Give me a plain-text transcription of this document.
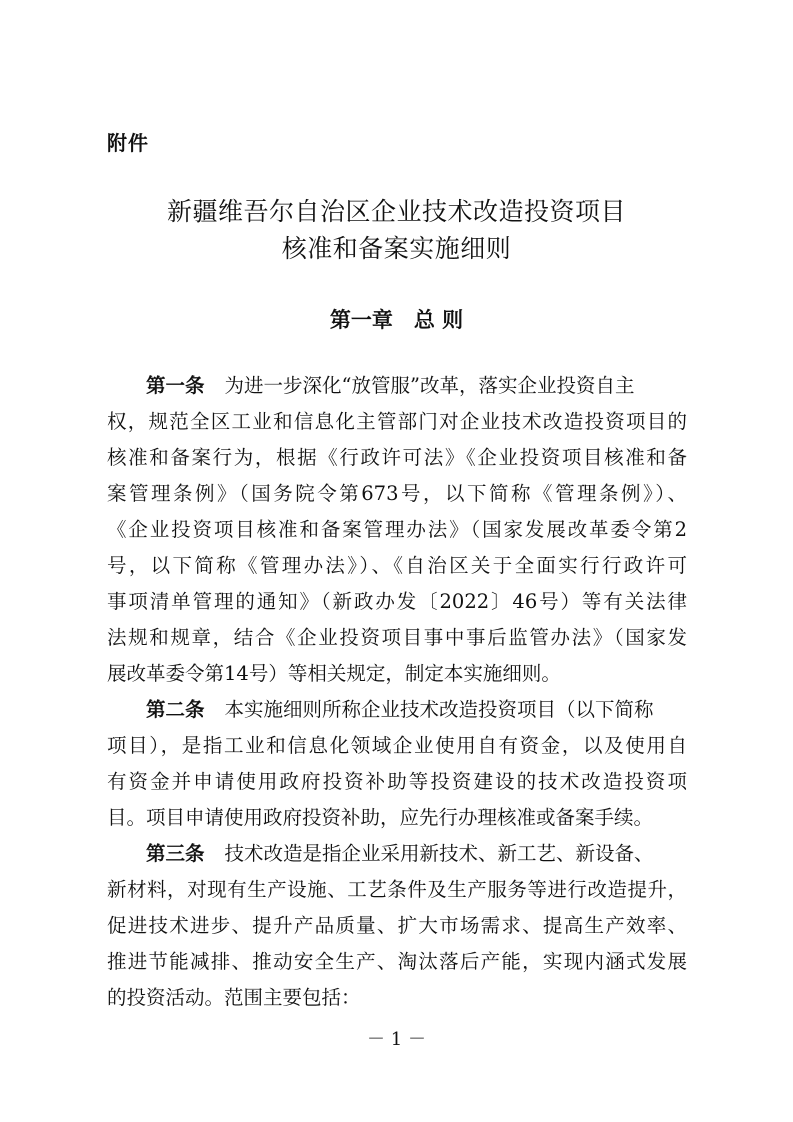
附件
新疆维吾尔自治区企业技术改造投资项目
核准和备案实施细则
第一章　总 则
第一条 为进一步深化“放管服”改革，落实企业投资自主
权，规范全区工业和信息化主管部门对企业技术改造投资项目的
核准和备案行为，根据《行政许可法》《企业投资项目核准和备
案管理条例》（国务院令第673号，以下简称《管理条例》）、
《企业投资项目核准和备案管理办法》（国家发展改革委令第2
号，以下简称《管理办法》）、《自治区关于全面实行行政许可
事项清单管理的通知》（新政办发〔2022〕46号）等有关法律
法规和规章，结合《企业投资项目事中事后监管办法》（国家发
展改革委令第14号）等相关规定，制定本实施细则。
第二条 本实施细则所称企业技术改造投资项目（以下简称
项目），是指工业和信息化领域企业使用自有资金，以及使用自
有资金并申请使用政府投资补助等投资建设的技术改造投资项
目。项目申请使用政府投资补助，应先行办理核准或备案手续。
第三条 技术改造是指企业采用新技术、新工艺、新设备、
新材料，对现有生产设施、工艺条件及生产服务等进行改造提升，
促进技术进步、提升产品质量、扩大市场需求、提高生产效率、
推进节能减排、推动安全生产、淘汰落后产能，实现内涵式发展
的投资活动。范围主要包括：
－ 1 －
